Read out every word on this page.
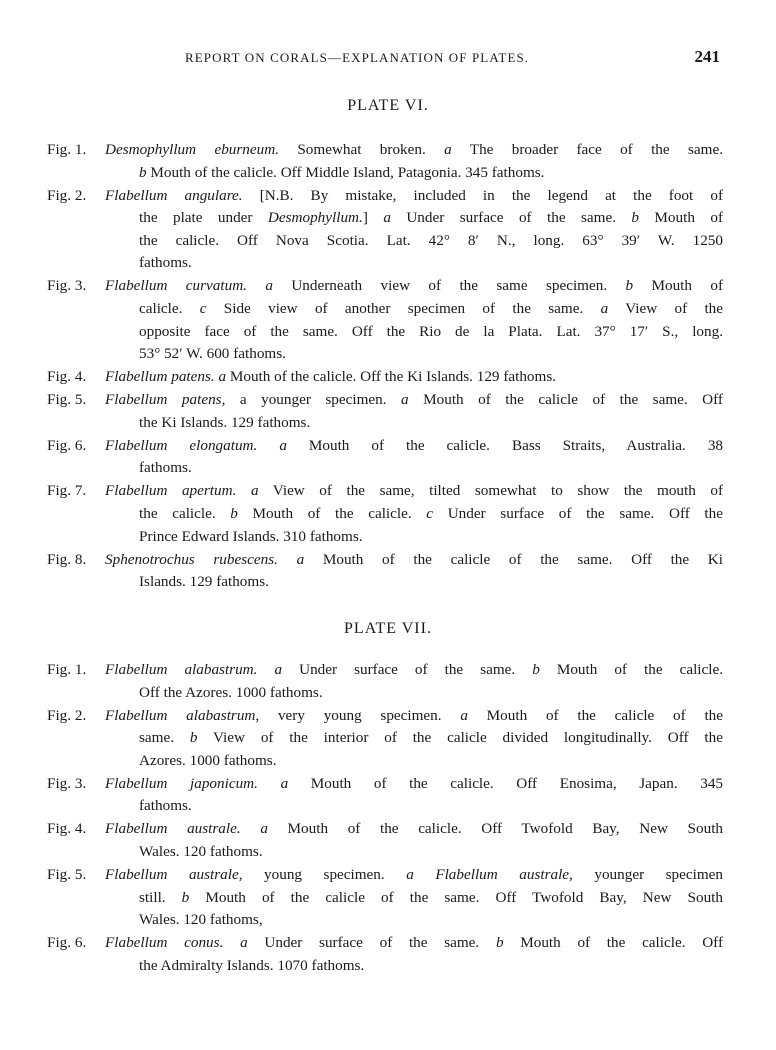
REPORT ON CORALS—EXPLANATION OF PLATES.	241
PLATE VI.
Fig. 1.	Desmophyllum eburneum. Somewhat broken. a The broader face of the same.
b Mouth of the calicle. Off Middle Island, Patagonia. 345 fathoms.
Fig. 2.	Flabellum angulare. [N.B. By mistake, included in the legend at the foot of
the plate under Desmophyllum.] a Under surface of the same. b Mouth of
the calicle. Off Nova Scotia. Lat. 42° 8′ N., long. 63° 39′ W. 1250
fathoms.
Fig. 3.	Flabellum curvatum. a Underneath view of the same specimen. b Mouth of
calicle. c Side view of another specimen of the same. a View of the
opposite face of the same. Off the Rio de la Plata. Lat. 37° 17′ S., long.
53° 52′ W. 600 fathoms.
Fig. 4.	Flabellum patens. a Mouth of the calicle. Off the Ki Islands. 129 fathoms.
Fig. 5.	Flabellum patens, a younger specimen. a Mouth of the calicle of the same. Off
the Ki Islands. 129 fathoms.
Fig. 6.	Flabellum elongatum. a Mouth of the calicle. Bass Straits, Australia. 38
fathoms.
Fig. 7.	Flabellum apertum. a View of the same, tilted somewhat to show the mouth of
the calicle. b Mouth of the calicle. c Under surface of the same. Off the
Prince Edward Islands. 310 fathoms.
Fig. 8.	Sphenotrochus rubescens. a Mouth of the calicle of the same. Off the Ki
Islands. 129 fathoms.
PLATE VII.
Fig. 1.	Flabellum alabastrum. a Under surface of the same. b Mouth of the calicle.
Off the Azores. 1000 fathoms.
Fig. 2.	Flabellum alabastrum, very young specimen. a Mouth of the calicle of the
same. b View of the interior of the calicle divided longitudinally. Off the
Azores. 1000 fathoms.
Fig. 3.	Flabellum japonicum. a Mouth of the calicle. Off Enosima, Japan. 345
fathoms.
Fig. 4.	Flabellum australe. a Mouth of the calicle. Off Twofold Bay, New South
Wales. 120 fathoms.
Fig. 5.	Flabellum australe, young specimen. a Flabellum australe, younger specimen
still. b Mouth of the calicle of the same. Off Twofold Bay, New South
Wales. 120 fathoms,
Fig. 6.	Flabellum conus. a Under surface of the same. b Mouth of the calicle. Off
the Admiralty Islands. 1070 fathoms.
